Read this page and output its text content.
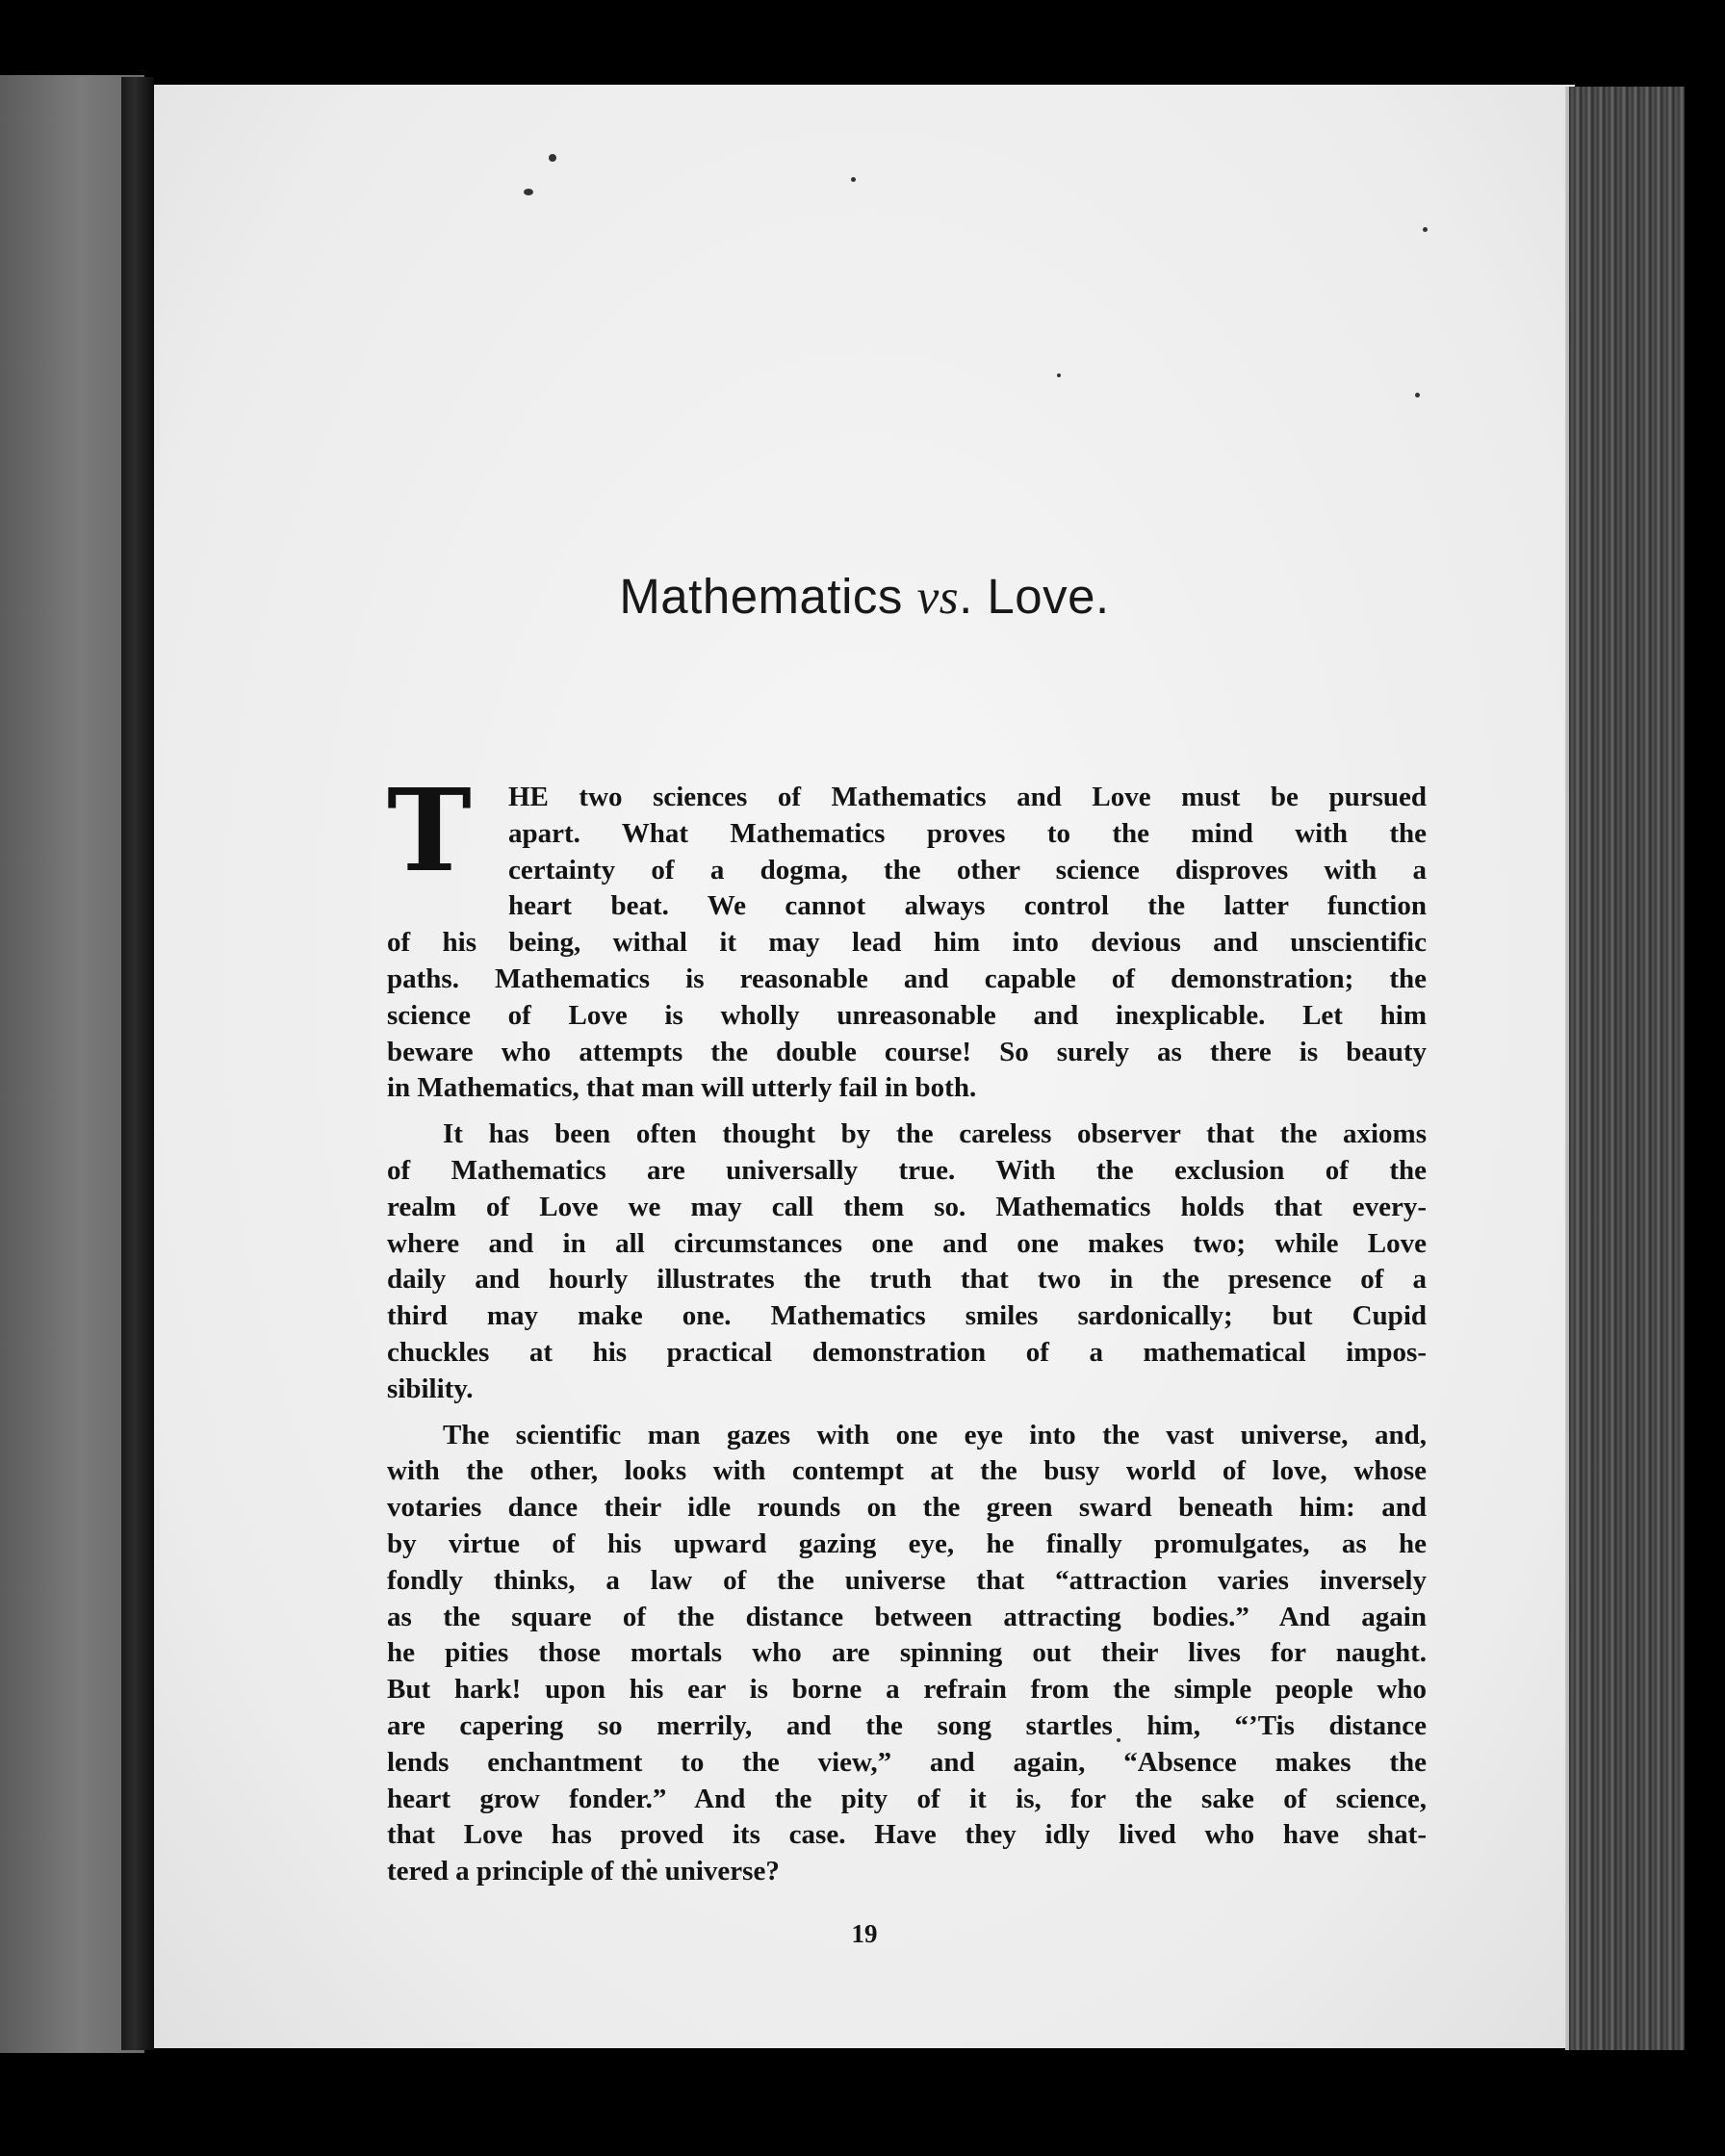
Mathematics vs. Love.
T	HE two sciences of Mathematics and Love must be pursued
apart. What Mathematics proves to the mind with the
certainty of a dogma, the other science disproves with a
heart beat. We cannot always control the latter function
of his being, withal it may lead him into devious and unscientific
paths. Mathematics is reasonable and capable of demonstration; the
science of Love is wholly unreasonable and inexplicable. Let him
beware who attempts the double course! So surely as there is beauty
in Mathematics, that man will utterly fail in both.
It has been often thought by the careless observer that the axioms
of Mathematics are universally true. With the exclusion of the
realm of Love we may call them so. Mathematics holds that every-
where and in all circumstances one and one makes two; while Love
daily and hourly illustrates the truth that two in the presence of a
third may make one. Mathematics smiles sardonically; but Cupid
chuckles at his practical demonstration of a mathematical impos-
sibility.
The scientific man gazes with one eye into the vast universe, and,
with the other, looks with contempt at the busy world of love, whose
votaries dance their idle rounds on the green sward beneath him: and
by virtue of his upward gazing eye, he finally promulgates, as he
fondly thinks, a law of the universe that “attraction varies inversely
as the square of the distance between attracting bodies.” And again
he pities those mortals who are spinning out their lives for naught.
But hark! upon his ear is borne a refrain from the simple people who
are capering so merrily, and the song startles him, “’Tis distance
lends enchantment to the view,” and again, “Absence makes the
heart grow fonder.” And the pity of it is, for the sake of science,
that Love has proved its case. Have they idly lived who have shat-
tered a principle of the universe?
19
